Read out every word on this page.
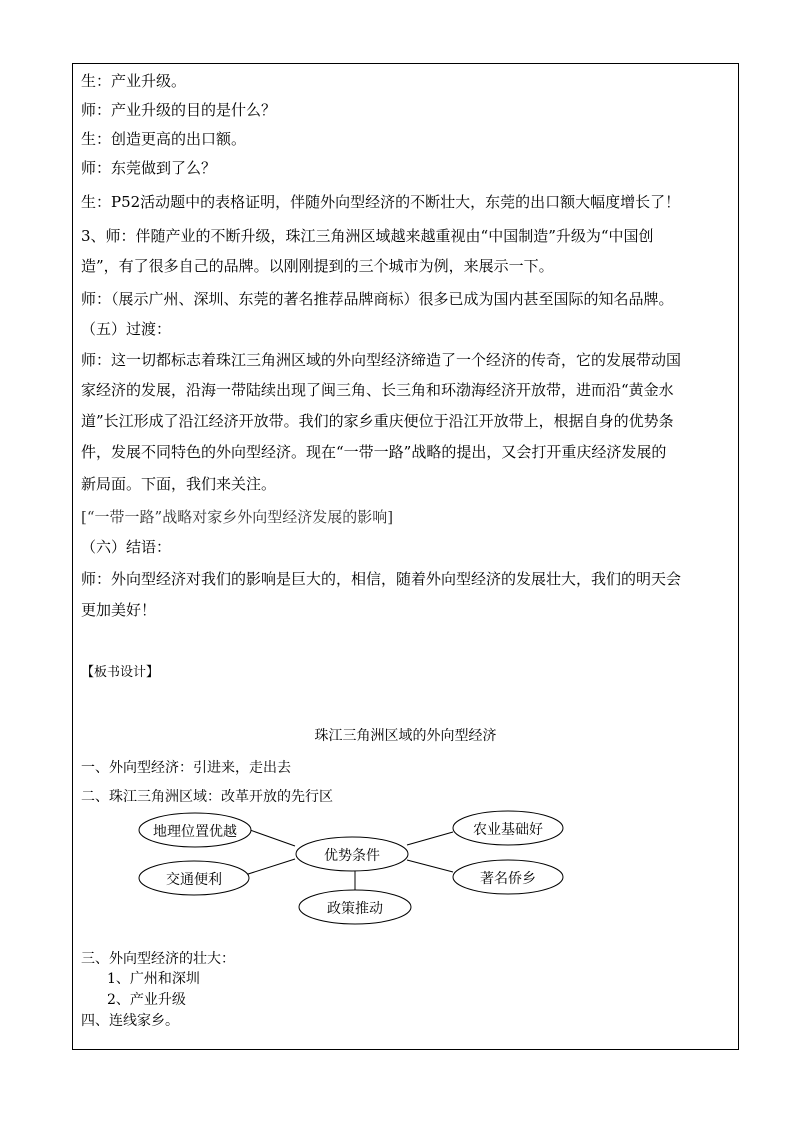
生：产业升级。
师：产业升级的目的是什么？
生：创造更高的出口额。
师：东莞做到了么？
生：P52活动题中的表格证明，伴随外向型经济的不断壮大，东莞的出口额大幅度增长了！
3、师：伴随产业的不断升级，珠江三角洲区域越来越重视由“中国制造”升级为“中国创
造”，有了很多自己的品牌。以刚刚提到的三个城市为例，来展示一下。
师：（展示广州、深圳、东莞的著名推荐品牌商标）很多已成为国内甚至国际的知名品牌。
（五）过渡：
师：这一切都标志着珠江三角洲区域的外向型经济缔造了一个经济的传奇，它的发展带动国
家经济的发展，沿海一带陆续出现了闽三角、长三角和环渤海经济开放带，进而沿“黄金水
道”长江形成了沿江经济开放带。我们的家乡重庆便位于沿江开放带上，根据自身的优势条
件，发展不同特色的外向型经济。现在“一带一路”战略的提出，又会打开重庆经济发展的
新局面。下面，我们来关注。
[“一带一路”战略对家乡外向型经济发展的影响]
（六）结语：
师：外向型经济对我们的影响是巨大的，相信，随着外向型经济的发展壮大，我们的明天会
更加美好！
【板书设计】
珠江三角洲区域的外向型经济
一、外向型经济：引进来，走出去
二、珠江三角洲区域：改革开放的先行区
地理位置优越
交通便利
优势条件
政策推动
农业基础好
著名侨乡
三、外向型经济的壮大：
1、广州和深圳
2、产业升级
四、连线家乡。
